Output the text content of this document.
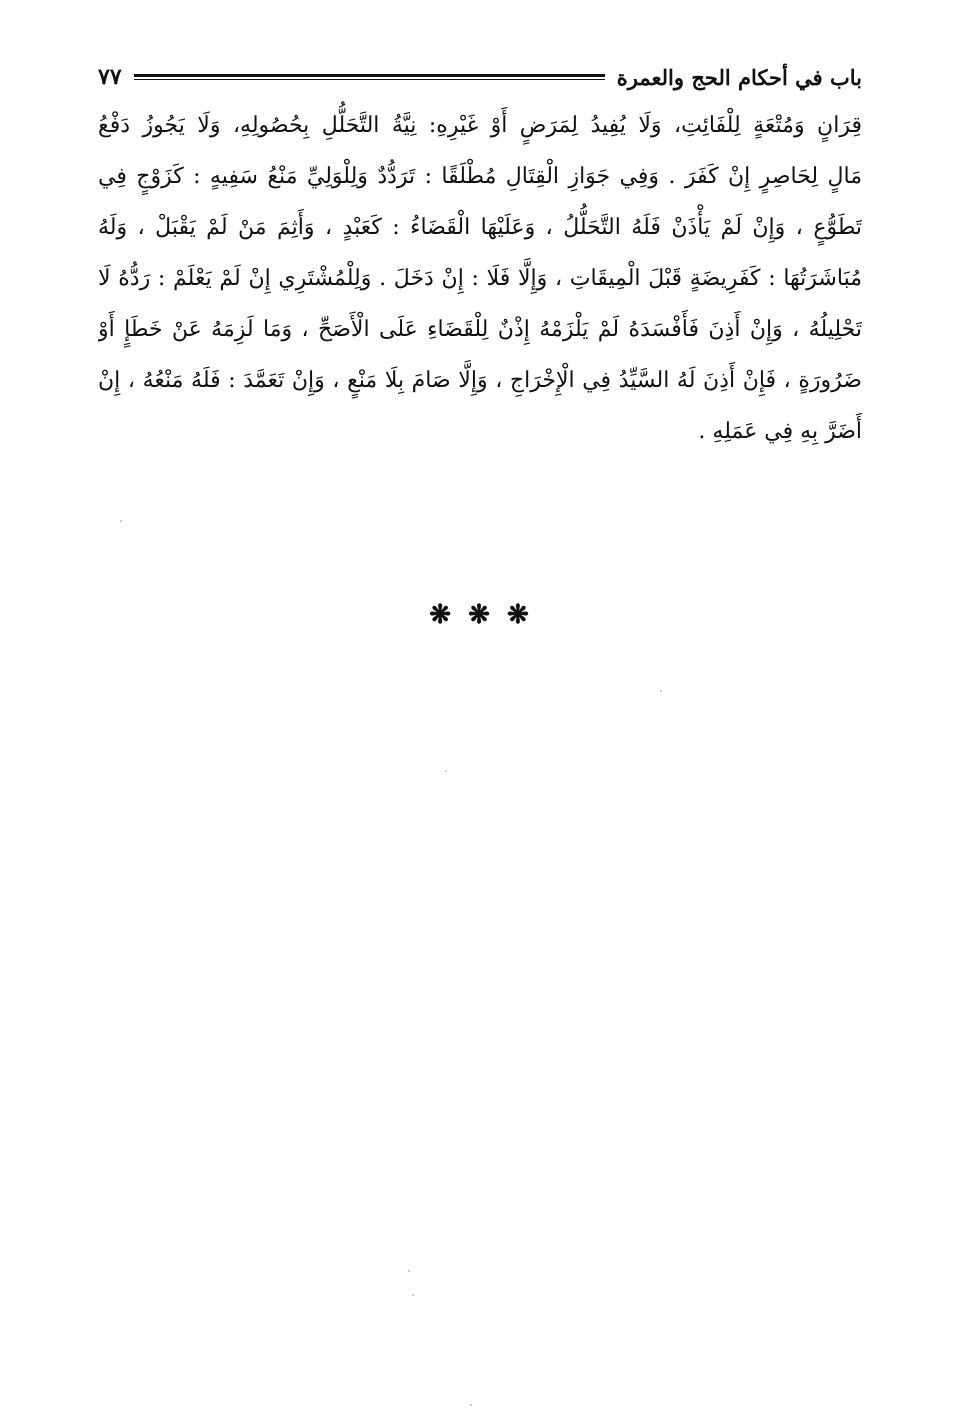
٧٧	باب في أحكام الحج والعمرة
قِرَانٍ وَمُتْعَةٍ لِلْفَائِتِ، وَلَا يُفِيدُ لِمَرَضٍ أَوْ غَيْرِهِ: نِيَّةُ التَّحَلُّلِ بِحُصُولِهِ، وَلَا يَجُوزُ دَفْعُ
مَالٍ لِحَاصِرٍ إِنْ كَفَرَ . وَفِي جَوَازِ الْقِتَالِ مُطْلَقًا : تَرَدُّدٌ وَلِلْوَلِيِّ مَنْعُ سَفِيهٍ : كَزَوْجٍ فِي
تَطَوُّعٍ ، وَإِنْ لَمْ يَأْذَنْ فَلَهُ التَّحَلُّلُ ، وَعَلَيْهَا الْقَضَاءُ : كَعَبْدٍ ، وَأَثِمَ مَنْ لَمْ يَقْبَلْ ، وَلَهُ
مُبَاشَرَتُهَا : كَفَرِيضَةٍ قَبْلَ الْمِيقَاتِ ، وَإِلَّا فَلَا : إِنْ دَخَلَ . وَلِلْمُشْتَرِي إِنْ لَمْ يَعْلَمْ : رَدُّهُ لَا
تَحْلِيلُهُ ، وَإِنْ أَذِنَ فَأَفْسَدَهُ لَمْ يَلْزَمْهُ إِذْنٌ لِلْقَضَاءِ عَلَى الْأَصَحِّ ، وَمَا لَزِمَهُ عَنْ خَطَإٍ أَوْ
ضَرُورَةٍ ، فَإِنْ أَذِنَ لَهُ السَّيِّدُ فِي الْإِخْرَاجِ ، وَإِلَّا صَامَ بِلَا مَنْعٍ ، وَإِنْ تَعَمَّدَ : فَلَهُ مَنْعُهُ ، إِنْ
أَضَرَّ بِهِ فِي عَمَلِهِ .
❋ ❋ ❋
